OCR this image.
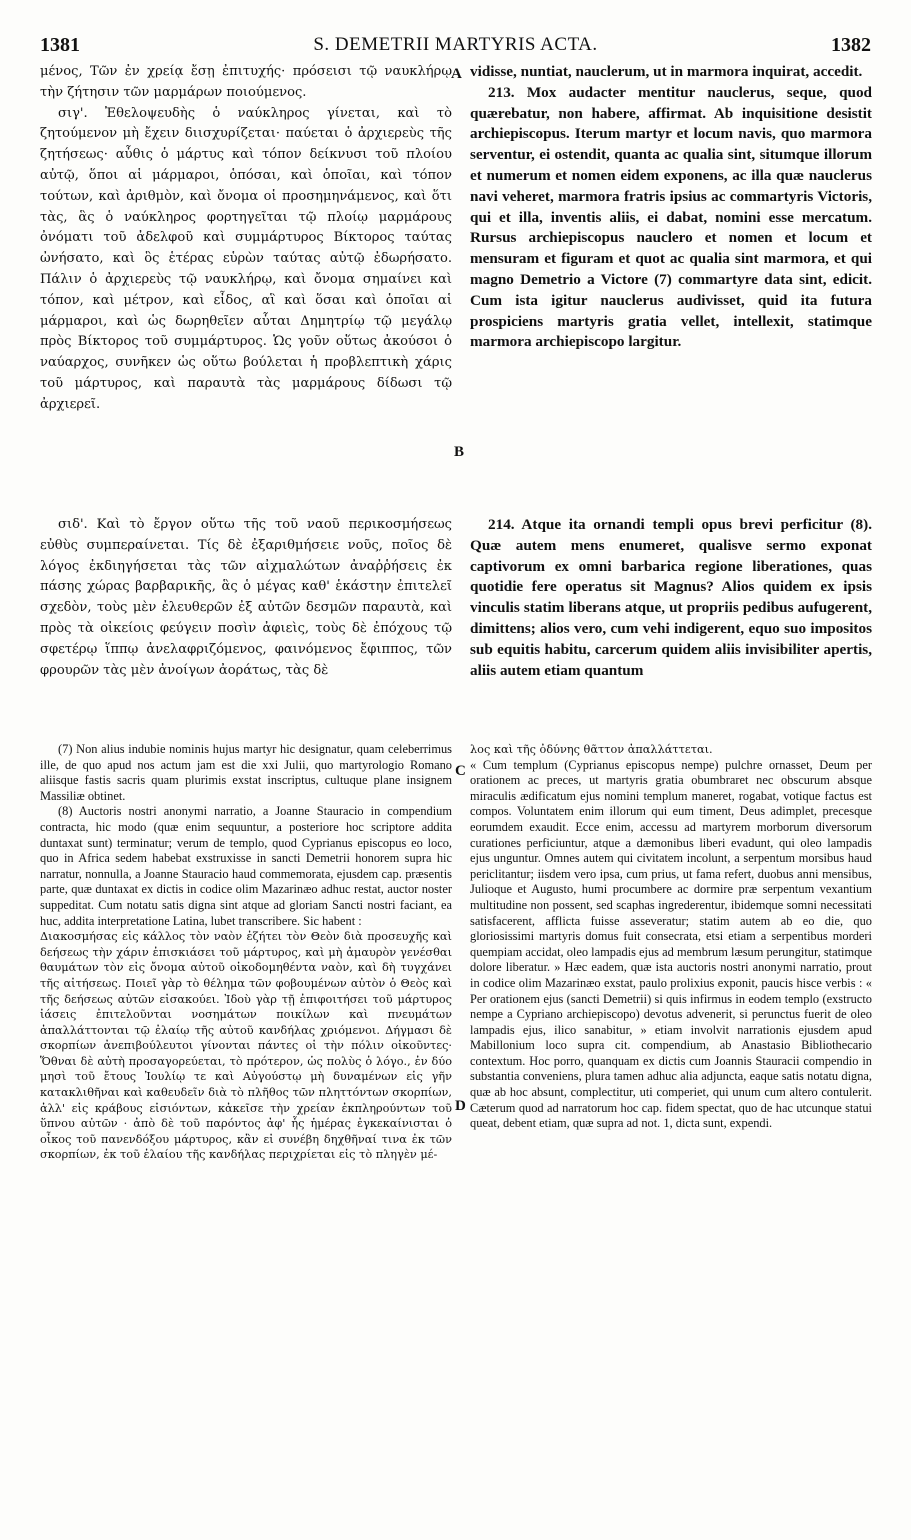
1381	S. DEMETRII MARTYRIS ACTA.	1382

μένος, Τῶν ἐν χρείᾳ ἔσῃ ἐπιτυχής· πρόσεισι τῷ ναυκλήρῳ τὴν ζήτησιν τῶν μαρμάρων ποιούμενος.

σιγ'. Ἐθελοψευδὴς ὁ ναύκληρος γίνεται, καὶ τὸ ζητούμενον μὴ ἔχειν διισχυρίζεται· παύεται ὁ ἀρχιερεὺς τῆς ζητήσεως· αὖθις ὁ μάρτυς καὶ τόπον δείκνυσι τοῦ πλοίου αὐτῷ, ὅποι αἱ μάρμαροι, ὁπόσαι, καὶ ὁποῖαι, καὶ τόπον τούτων, καὶ ἀριθμὸν, καὶ ὄνομα οἱ προσημηνάμενος, καὶ ὅτι τὰς, ἃς ὁ ναύκληρος φορτηγεῖται τῷ πλοίῳ μαρμάρους ὀνόματι τοῦ ἀδελφοῦ καὶ συμμάρτυρος Βίκτορος ταύτας ὠνήσατο, καὶ ὃς ἑτέρας εὑρὼν ταύτας αὐτῷ ἐδωρήσατο. Πάλιν ὁ ἀρχιερεὺς τῷ ναυκλήρῳ, καὶ ὄνομα σημαίνει καὶ τόπον, καὶ μέτρον, καὶ εἶδος, αἳ καὶ ὅσαι καὶ ὁποῖαι αἱ μάρμαροι, καὶ ὡς δωρηθεῖεν αὗται Δημητρίῳ τῷ μεγάλῳ πρὸς Βίκτορος τοῦ συμμάρτυρος. Ὡς γοῦν οὕτως ἀκούσοι ὁ ναύαρχος, συνῆκεν ὡς οὕτω βούλεται ἡ προβλεπτικὴ χάρις τοῦ μάρτυρος, καὶ παραυτὰ τὰς μαρμάρους δίδωσι τῷ ἀρχιερεῖ.

σιδ'. Καὶ τὸ ἔργον οὕτω τῆς τοῦ ναοῦ περικοσμήσεως εὐθὺς συμπεραίνεται. Τίς δὲ ἐξαριθμήσειε νοῦς, ποῖος δὲ λόγος ἐκδιηγήσεται τὰς τῶν αἰχμαλώτων ἀναῤῥήσεις ἐκ πάσης χώρας βαρβαρικῆς, ἃς ὁ μέγας καθ' ἑκάστην ἐπιτελεῖ σχεδὸν, τοὺς μὲν ἐλευθερῶν ἐξ αὐτῶν δεσμῶν παραυτὰ, καὶ πρὸς τὰ οἰκείοις φεύγειν ποσὶν ἀφιεὶς, τοὺς δὲ ἐπόχους τῷ σφετέρῳ ἵππῳ ἀνελαφριζόμενος, φαινόμενος ἔφιππος, τῶν φρουρῶν τὰς μὲν ἀνοίγων ἀοράτως, τὰς δὲ

vidisse, nuntiat, nauclerum, ut in marmora inquirat, accedit.

213. Mox audacter mentitur nauclerus, seque, quod quærebatur, non habere, affirmat. Ab inquisitione desistit archiepiscopus. Iterum martyr et locum navis, quo marmora serventur, ei ostendit, quanta ac qualia sint, situmque illorum et numerum et nomen eidem exponens, ac illa quæ nauclerus navi veheret, marmora fratris ipsius ac commartyris Victoris, qui et illa, inventis aliis, ei dabat, nomini esse mercatum. Rursus archiepiscopus nauclero et nomen et locum et mensuram et figuram et quot ac qualia sint marmora, et qui magno Demetrio a Victore (7) commartyre data sint, edicit. Cum ista igitur nauclerus audivisset, quid ita futura prospiciens martyris gratia vellet, intellexit, statimque marmora archiepiscopo largitur.

214. Atque ita ornandi templi opus brevi perficitur (8). Quæ autem mens enumeret, qualisve sermo exponat captivorum ex omni barbarica regione liberationes, quas quotidie fere operatus sit Magnus? Alios quidem ex ipsis vinculis statim liberans atque, ut propriis pedibus aufugerent, dimittens; alios vero, cum vehi indigerent, equo suo impositos sub equitis habitu, carcerum quidem aliis invisibiliter apertis, aliis autem etiam quantum

(7) Non alius indubie nominis hujus martyr hic designatur, quam celeberrimus ille, de quo apud nos actum jam est die xxi Julii, quo martyrologio Romano aliisque fastis sacris quam plurimis exstat inscriptus, cultuque plane insignem Massiliæ obtinet.

(8) Auctoris nostri anonymi narratio, a Joanne Stauracio in compendium contracta, hic modo (quæ enim sequuntur, a posteriore hoc scriptore addita duntaxat sunt) terminatur; verum de templo, quod Cyprianus episcopus eo loco, quo in Africa sedem habebat exstruxisse in sancti Demetrii honorem supra hic narratur, nonnulla, a Joanne Stauracio haud commemorata, ejusdem cap. præsentis parte, quæ duntaxat ex dictis in codice olim Mazarinæo adhuc restat, auctor noster suppeditat. Cum notatu satis digna sint atque ad gloriam Sancti nostri faciant, ea huc, addita interpretatione Latina, lubet transcribere. Sic habent :

Διακοσμήσας εἰς κάλλος τὸν ναὸν ἐζήτει τὸν Θεὸν διὰ προσευχῆς καὶ δεήσεως τὴν χάριν ἐπισκιάσει τοῦ μάρτυρος, καὶ μὴ ἀμαυρὸν γενέσθαι θαυμάτων τὸν εἰς ὄνομα αὐτοῦ οἰκοδομηθέντα ναὸν, καὶ δὴ τυγχάνει τῆς αἰτήσεως. Ποιεῖ γὰρ τὸ θέλημα τῶν φοβουμένων αὐτὸν ὁ Θεὸς καὶ τῆς δεήσεως αὐτῶν εἰσακούει. Ἰδοὺ γὰρ τῇ ἐπιφοιτήσει τοῦ μάρτυρος ἰάσεις ἐπιτελοῦνται νοσημάτων ποικίλων καὶ πνευμάτων ἀπαλλάττονται τῷ ἐλαίῳ τῆς αὐτοῦ κανδήλας χριόμενοι. Δήγμασι δὲ σκορπίων ἀνεπιβούλευτοι γίνονται πάντες οἱ τὴν πόλιν οἰκοῦντες· Ὅθναι δὲ αὐτὴ προσαγορεύεται, τὸ πρότερον, ὡς πολὺς ὁ λόγο., ἐν δύο μησὶ τοῦ ἔτους Ἰουλίῳ τε καὶ Αὐγούστῳ μὴ δυναμένων εἰς γῆν κατακλιθῆναι καὶ καθευδεῖν διὰ τὸ πλῆθος τῶν πληττόντων σκορπίων, ἀλλ' εἰς κράβους εἰσιόντων, κἀκεῖσε τὴν χρείαν ἐκπληρούντων τοῦ ὕπνου αὐτῶν · ἀπὸ δὲ τοῦ παρόντος ἀφ' ἧς ἡμέρας ἐγκεκαίνισται ὁ οἶκος τοῦ πανενδόξου μάρτυρος, κἂν εἰ συνέβη δηχθῆναί τινα ἐκ τῶν σκορπίων, ἐκ τοῦ ἐλαίου τῆς κανδήλας περιχρίεται εἰς τὸ πληγὲν μέ-

λος καὶ τῆς ὀδύνης θᾶττον ἀπαλλάττεται.

« Cum templum (Cyprianus episcopus nempe) pulchre ornasset, Deum per orationem ac preces, ut martyris gratia obumbraret nec obscurum absque miraculis ædificatum ejus nomini templum maneret, rogabat, votique factus est compos. Voluntatem enim illorum qui eum timent, Deus adimplet, precesque eorumdem exaudit. Ecce enim, accessu ad martyrem morborum diversorum curationes perficiuntur, atque a dæmonibus liberi evadunt, qui oleo lampadis ejus unguntur. Omnes autem qui civitatem incolunt, a serpentum morsibus haud periclitantur; iisdem vero ipsa, cum prius, ut fama refert, duobus anni mensibus, Julioque et Augusto, humi procumbere ac dormire præ serpentum vexantium multitudine non possent, sed scaphas ingrederentur, ibidemque somni necessitati satisfacerent, afflicta fuisse asseveratur; statim autem ab eo die, quo gloriosissimi martyris domus fuit consecrata, etsi etiam a serpentibus morderi quempiam accidat, oleo lampadis ejus ad membrum læsum perungitur, statimque dolore liberatur. » Hæc eadem, quæ ista auctoris nostri anonymi narratio, prout in codice olim Mazarinæo exstat, paulo prolixius exponit, paucis hisce verbis : « Per orationem ejus (sancti Demetrii) si quis infirmus in eodem templo (exstructo nempe a Cypriano archiepiscopo) devotus advenerit, si perunctus fuerit de oleo lampadis ejus, ilico sanabitur, » etiam involvit narrationis ejusdem apud Mabillonium loco supra cit. compendium, ab Anastasio Bibliothecario contextum. Hoc porro, quanquam ex dictis cum Joannis Stauracii compendio in substantia conveniens, plura tamen adhuc alia adjuncta, eaque satis notatu digna, quæ ab hoc absunt, complectitur, uti comperiet, qui unum cum altero contulerit. Cæterum quod ad narratorum hoc cap. fidem spectat, quo de hac utcunque statui queat, debent etiam, quæ supra ad not. 1, dicta sunt, expendi.

A
B
C
D
